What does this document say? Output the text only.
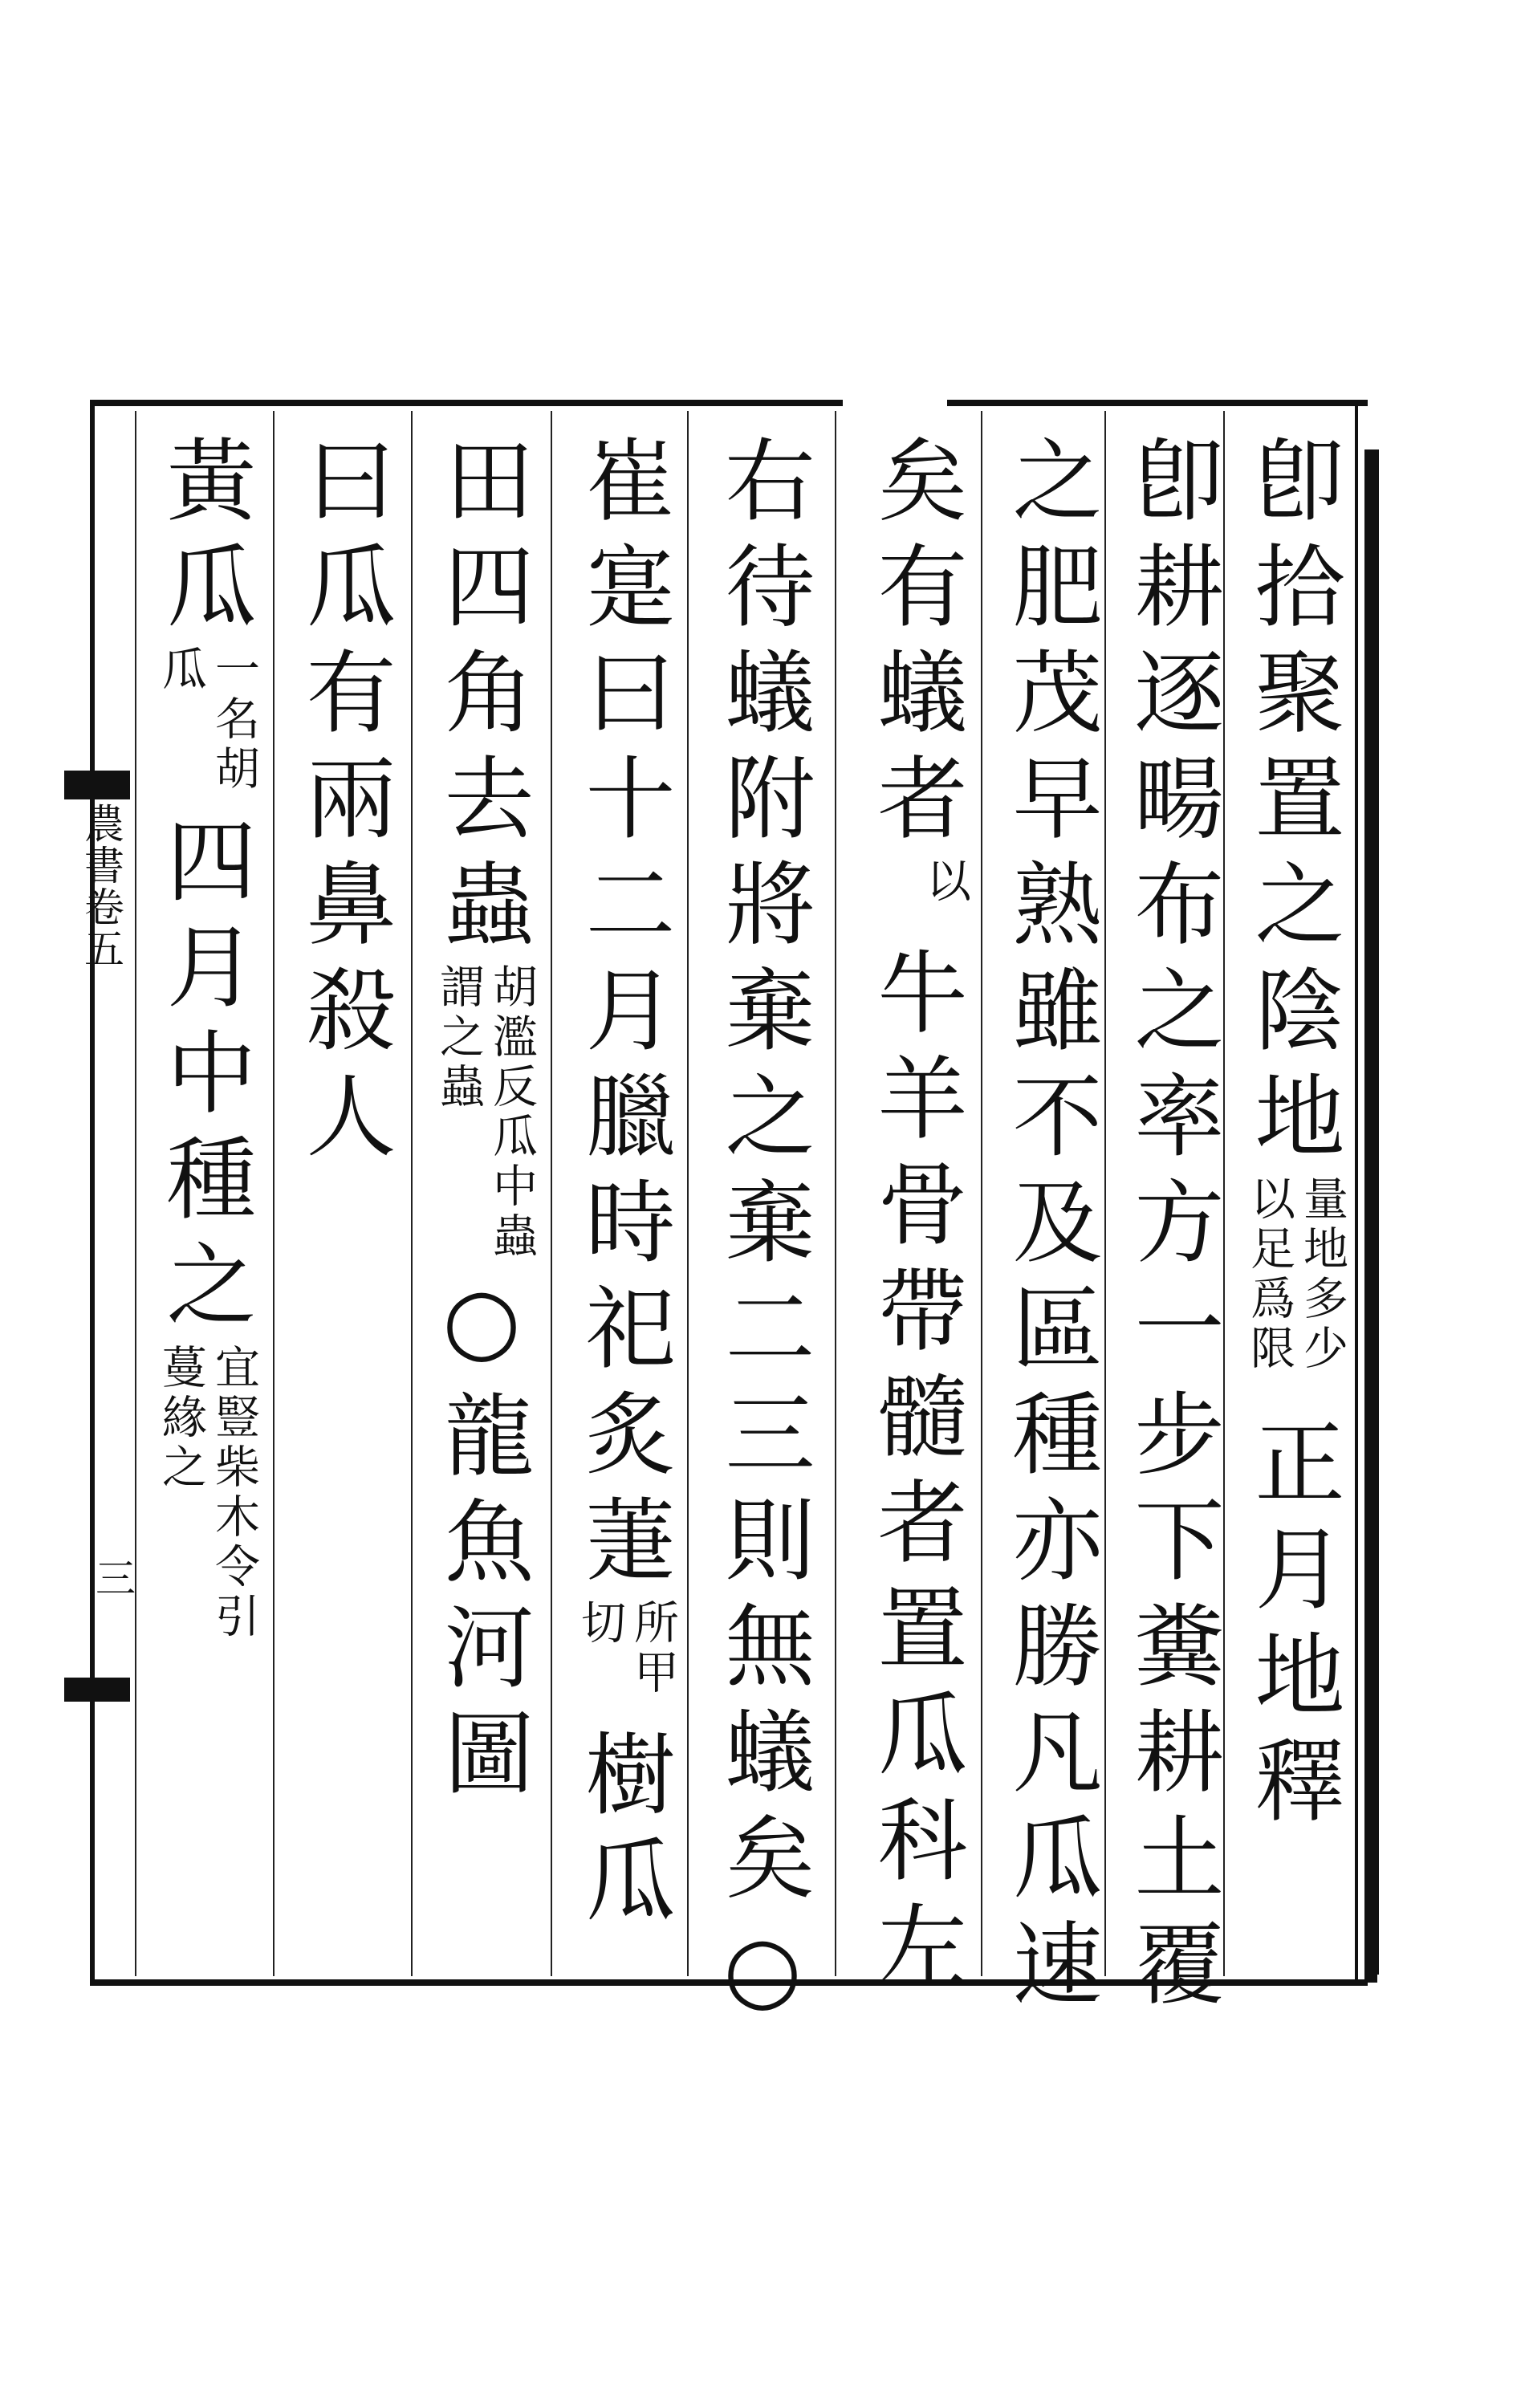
卽拾聚置之陰地量地多少以足爲限正月地釋
卽耕逐畼布之率方一步下糞耕土覆
之肥茂早熟雖不及區種亦勝凡瓜速
矣有蟻者以牛羊骨帶髓者置瓜科左
右待蟻附將棄之棄二三則無蟻矣○
崔寔曰十二月臘時祀炙萐所甲切樹瓜
田四角去蟲胡濫反瓜中蟲謂之蟲○龍魚河圖
曰瓜有兩鼻殺人
黃瓜一名胡瓜四月中種之宜豎柴木令引蔓緣之
農書卷五
三
